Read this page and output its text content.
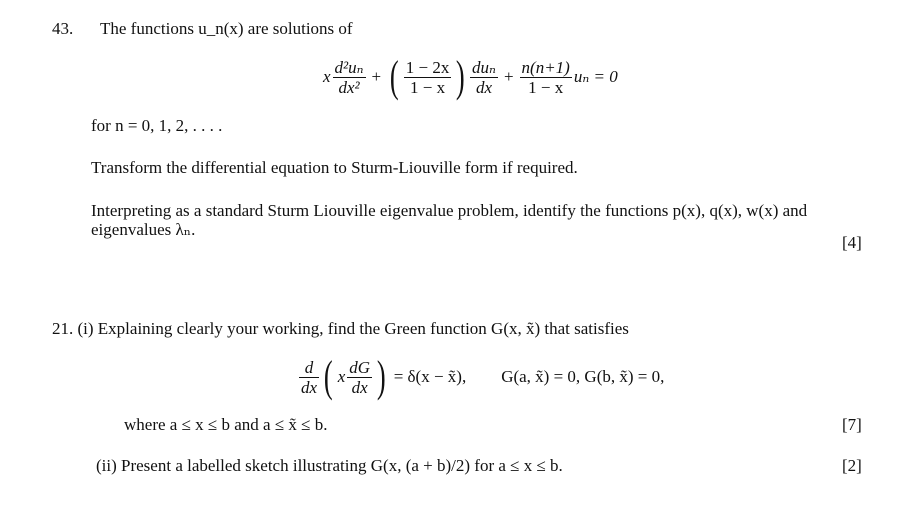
43. The functions u_n(x) are solutions of
x $\frac{\text{d²uₙ}}{\text{dx²}}$ + ( $\frac{1 - 2x}{1 - x}$ ) $\frac{\text{duₙ}}{dx} + \frac{n(n+1)}{1 - x}$ uₙ = 0
for n = 0, 1, 2, . . . .
Transform the differential equation to Sturm-Liouville form if required.
Interpreting as a standard Sturm Liouville eigenvalue problem, identify the functions p(x), q(x), w(x) and
eigenvalues λₙ.
[4]
21. (i) Explaining clearly your working, find the Green function G(x, x̃) that satisfies
$\frac{d}{dx}$ ( x $\frac{dG}{dx}$ ) = δ(x − x̃), G(a, x̃) = 0, G(b, x̃) = 0,
where a ≤ x ≤ b and a ≤ x̃ ≤ b.	[7]
(ii) Present a labelled sketch illustrating G(x, (a + b)/2) for a ≤ x ≤ b.	[2]
